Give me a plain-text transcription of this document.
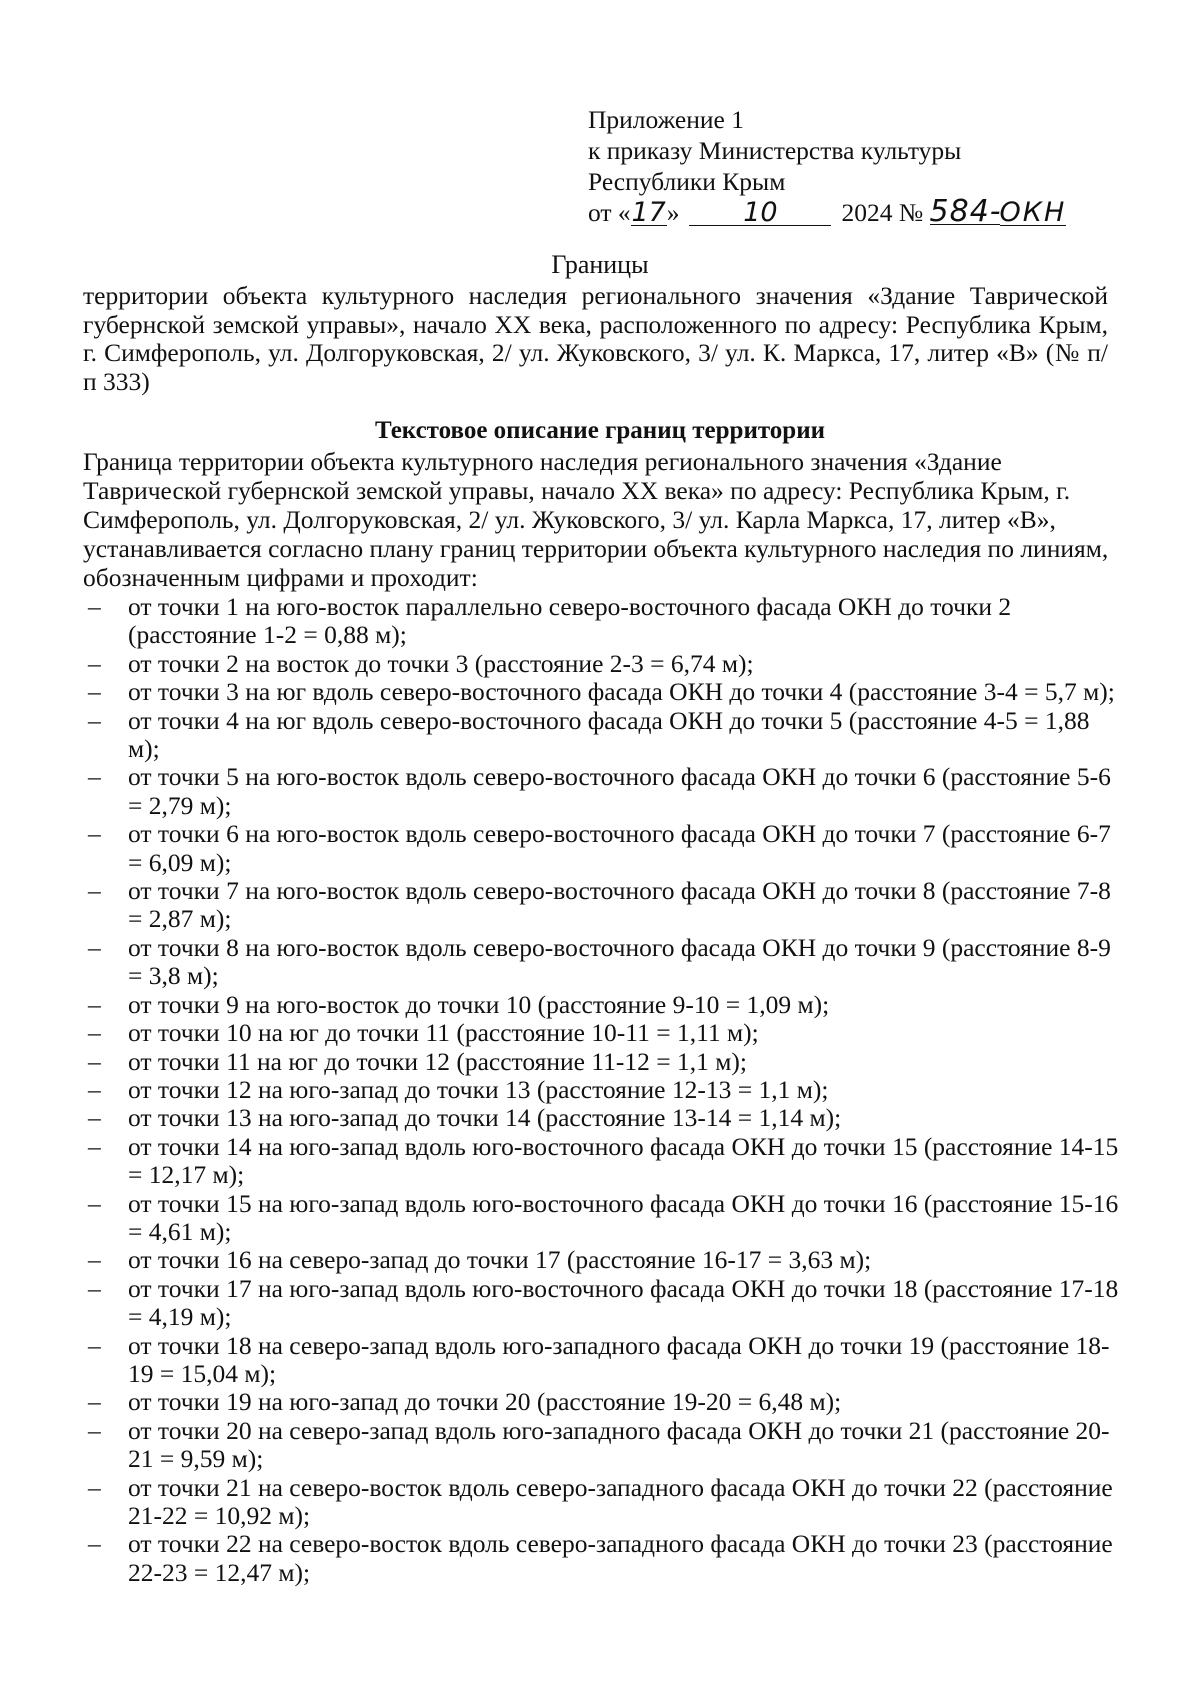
Приложение 1
к приказу Министерства культуры
Республики Крым
от «17» 10	2024 № 584-ОКН
Границы
территории объекта культурного наследия регионального значения «Здание Таврической губернской земской управы», начало XX века, расположенного по адресу: Республика Крым, г. Симферополь, ул. Долгоруковская, 2/ ул. Жуковского, 3/ ул. К. Маркса, 17, литер «В» (№ п/п 333)
Текстовое описание границ территории
Граница территории объекта культурного наследия регионального значения «Здание Таврической губернской земской управы, начало XX века» по адресу: Республика Крым, г. Симферополь, ул. Долгоруковская, 2/ ул. Жуковского, 3/ ул. Карла Маркса, 17, литер «В», устанавливается согласно плану границ территории объекта культурного наследия по линиям, обозначенным цифрами и проходит:
– от точки 1 на юго-восток параллельно северо-восточного фасада ОКН до точки 2 (расстояние 1-2 = 0,88 м);
– от точки 2 на восток до точки 3 (расстояние 2-3 = 6,74 м);
– от точки 3 на юг вдоль северо-восточного фасада ОКН до точки 4 (расстояние 3-4 = 5,7 м);
– от точки 4 на юг вдоль северо-восточного фасада ОКН до точки 5 (расстояние 4-5 = 1,88 м);
– от точки 5 на юго-восток вдоль северо-восточного фасада ОКН до точки 6 (расстояние 5-6 = 2,79 м);
– от точки 6 на юго-восток вдоль северо-восточного фасада ОКН до точки 7 (расстояние 6-7 = 6,09 м);
– от точки 7 на юго-восток вдоль северо-восточного фасада ОКН до точки 8 (расстояние 7-8 = 2,87 м);
– от точки 8 на юго-восток вдоль северо-восточного фасада ОКН до точки 9 (расстояние 8-9 = 3,8 м);
– от точки 9 на юго-восток до точки 10 (расстояние 9-10 = 1,09 м);
– от точки 10 на юг до точки 11 (расстояние 10-11 = 1,11 м);
– от точки 11 на юг до точки 12 (расстояние 11-12 = 1,1 м);
– от точки 12 на юго-запад до точки 13 (расстояние 12-13 = 1,1 м);
– от точки 13 на юго-запад до точки 14 (расстояние 13-14 = 1,14 м);
– от точки 14 на юго-запад вдоль юго-восточного фасада ОКН до точки 15 (расстояние 14-15 = 12,17 м);
– от точки 15 на юго-запад вдоль юго-восточного фасада ОКН до точки 16 (расстояние 15-16 = 4,61 м);
– от точки 16 на северо-запад до точки 17 (расстояние 16-17 = 3,63 м);
– от точки 17 на юго-запад вдоль юго-восточного фасада ОКН до точки 18 (расстояние 17-18 = 4,19 м);
– от точки 18 на северо-запад вдоль юго-западного фасада ОКН до точки 19 (расстояние 18-19 = 15,04 м);
– от точки 19 на юго-запад до точки 20 (расстояние 19-20 = 6,48 м);
– от точки 20 на северо-запад вдоль юго-западного фасада ОКН до точки 21 (расстояние 20-21 = 9,59 м);
– от точки 21 на северо-восток вдоль северо-западного фасада ОКН до точки 22 (расстояние 21-22 = 10,92 м);
– от точки 22 на северо-восток вдоль северо-западного фасада ОКН до точки 23 (расстояние 22-23 = 12,47 м);
